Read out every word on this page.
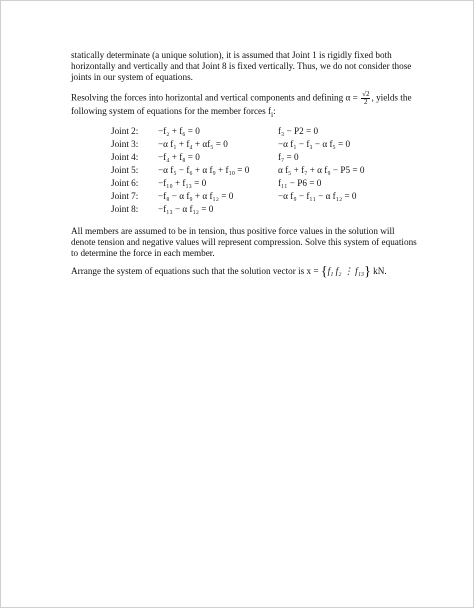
statically determinate (a unique solution), it is assumed that Joint 1 is rigidly fixed both horizontally and vertically and that Joint 8 is fixed vertically. Thus, we do not consider those joints in our system of equations.

Resolving the forces into horizontal and vertical components and defining $\alpha = \frac{√2}{2}$ , yields the following system of equations for the member forces $f_i$:

Joint 2:	−f₂ + f₆ = 0	f₃ − P2 = 0
Joint 3:	−α f₁ + f₄ + αf₅ = 0	−α f₁ − f₃ − α f₅ = 0
Joint 4:	−f₄ + f₈ = 0	f₇ = 0
Joint 5:	−α f₅ − f₆ + α f₉ + f₁₀ = 0	α f₅ + f₇ + α f₉ − P5 = 0
Joint 6:	−f₁₀ + f₁₃ = 0	f₁₁ − P6 = 0
Joint 7:	−f₈ − α f₉ + α f₁₂ = 0	−α f₉ − f₁₁ − α f₁₂ = 0
Joint 8:	−f₁₃ − α f₁₂ = 0	

All members are assumed to be in tension, thus positive force values in the solution will denote tension and negative values will represent compression. Solve this system of equations to determine the force in each member.

Arrange the system of equations such that the solution vector is x = {f₁ f₂ ⋮ f₁₃} kN.
